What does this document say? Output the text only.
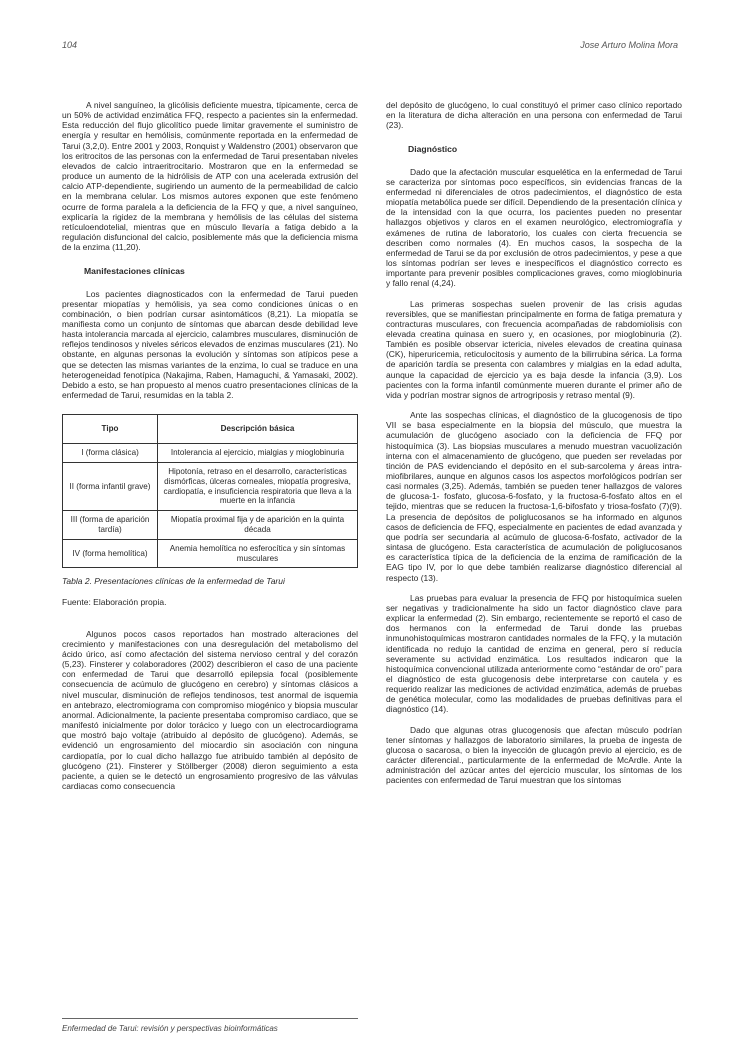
104	Jose Arturo Molina Mora

A nivel sanguíneo, la glicólisis deficiente muestra, típicamente, cerca de un 50% de actividad enzimática FFQ, respecto a pacientes sin la enfermedad. Esta reducción del flujo glicolítico puede limitar gravemente el suministro de energía y resultar en hemólisis, comúnmente reportada en la enfermedad de Tarui (3,2,0). Entre 2001 y 2003, Ronquist y Waldenstro (2001) observaron que los eritrocitos de las personas con la enfermedad de Tarui presentaban niveles elevados de calcio intraeritrocitario. Mostraron que en la enfermedad se produce un aumento de la hidrólisis de ATP con una acelerada extrusión del calcio ATP-dependiente, sugiriendo un aumento de la permeabilidad de calcio en la membrana celular. Los mismos autores exponen que este fenómeno ocurre de forma paralela a la deficiencia de la FFQ y que, a nivel sanguíneo, explicaría la rigidez de la membrana y hemólisis de las células del sistema retículoendotelial, mientras que en músculo llevaría a fatiga debido a la regulación disfuncional del calcio, posiblemente más que la deficiencia misma de la enzima (11,20).

Manifestaciones clínicas

Los pacientes diagnosticados con la enfermedad de Tarui pueden presentar miopatías y hemólisis, ya sea como condiciones únicas o en combinación, o bien podrían cursar asintomáticos (8,21). La miopatía se manifiesta como un conjunto de síntomas que abarcan desde debilidad leve hasta intolerancia marcada al ejercicio, calambres musculares, disminución de reflejos tendinosos y niveles séricos elevados de enzimas musculares (21). No obstante, en algunas personas la evolución y síntomas son atípicos pese a que se detecten las mismas variantes de la enzima, lo cual se traduce en una heterogeneidad fenotípica (Nakajima, Raben, Hamaguchi, & Yamasaki, 2002). Debido a esto, se han propuesto al menos cuatro presentaciones clínicas de la enfermedad de Tarui, resumidas en la tabla 2.

Tipo	Descripción básica
I (forma clásica)	Intolerancia al ejercicio, mialgias y mioglobinuria
II (forma infantil grave)	Hipotonía, retraso en el desarrollo, características dismórficas, úlceras corneales, miopatía progresiva, cardiopatía, e insuficiencia respiratoria que lleva a la muerte en la infancia
III (forma de aparición tardía)	Miopatía proximal fija y de aparición en la quinta década
IV (forma hemolítica)	Anemia hemolítica no esferocítica y sin síntomas musculares
Tabla 2. Presentaciones clínicas de la enfermedad de Tarui
Fuente: Elaboración propia.

Algunos pocos casos reportados han mostrado alteraciones del crecimiento y manifestaciones con una desregulación del metabolismo del ácido úrico, así como afectación del sistema nervioso central y del corazón (5,23). Finsterer y colaboradores (2002) describieron el caso de una paciente con enfermedad de Tarui que desarrolló epilepsia focal (posiblemente consecuencia de acúmulo de glucógeno en cerebro) y síntomas clásicos a nivel muscular, disminución de reflejos tendinosos, test anormal de isquemia en antebrazo, electromiograma con compromiso miogénico y biopsia muscular anormal. Adicionalmente, la paciente presentaba compromiso cardiaco, que se manifestó inicialmente por dolor torácico y luego con un electrocardiograma que mostró bajo voltaje (atribuido al depósito de glucógeno). Además, se evidenció un engrosamiento del miocardio sin asociación con ninguna cardiopatía, por lo cual dicho hallazgo fue atribuido también al depósito de glucógeno (21). Finsterer y Stöllberger (2008) dieron seguimiento a esta paciente, a quien se le detectó un engrosamiento progresivo de las válvulas cardiacas como consecuencia

del depósito de glucógeno, lo cual constituyó el primer caso clínico reportado en la literatura de dicha alteración en una persona con enfermedad de Tarui (23).

Diagnóstico

Dado que la afectación muscular esquelética en la enfermedad de Tarui se caracteriza por síntomas poco específicos, sin evidencias francas de la enfermedad ni diferenciales de otros padecimientos, el diagnóstico de esta miopatía metabólica puede ser difícil. Dependiendo de la presentación clínica y de la intensidad con la que ocurra, los pacientes pueden no presentar hallazgos objetivos y claros en el examen neurológico, electromiografía y exámenes de rutina de laboratorio, los cuales con cierta frecuencia se describen como normales (4). En muchos casos, la sospecha de la enfermedad de Tarui se da por exclusión de otros padecimientos, y pese a que los síntomas podrían ser leves e inespecíficos el diagnóstico correcto es importante para prevenir posibles complicaciones graves, como mioglobinuria y fallo renal (4,24).

Las primeras sospechas suelen provenir de las crisis agudas reversibles, que se manifiestan principalmente en forma de fatiga prematura y contracturas musculares, con frecuencia acompañadas de rabdomiolisis con elevada creatina quinasa en suero y, en ocasiones, por mioglobinuria (2). También es posible observar ictericia, niveles elevados de creatina quinasa (CK), hiperuricemia, reticulocitosis y aumento de la bilirrubina sérica. La forma de aparición tardía se presenta con calambres y mialgias en la edad adulta, aunque la capacidad de ejercicio ya es baja desde la infancia (3,9). Los pacientes con la forma infantil comúnmente mueren durante el primer año de vida y podrían mostrar signos de artrogriposis y retraso mental (9).

Ante las sospechas clínicas, el diagnóstico de la glucogenosis de tipo VII se basa especialmente en la biopsia del músculo, que muestra la acumulación de glucógeno asociado con la deficiencia de FFQ por histoquímica (3). Las biopsias musculares a menudo muestran vacuolización interna con el almacenamiento de glucógeno, que pueden ser reveladas por tinción de PAS evidenciando el depósito en el sub-sarcolema y áreas intra-miofibrilares, aunque en algunos casos los aspectos morfológicos podrían ser casi normales (3,25). Además, también se pueden tener hallazgos de valores de glucosa-1- fosfato, glucosa-6-fosfato, y la fructosa-6-fosfato altos en el tejido, mientras que se reducen la fructosa-1,6-bifosfato y triosa-fosfato (7)(9). La presencia de depósitos de poliglucosanos se ha informado en algunos casos de deficiencia de FFQ, especialmente en pacientes de edad avanzada y que podría ser secundaria al acúmulo de glucosa-6-fosfato, activador de la sintasa de glucógeno. Esta característica de acumulación de poliglucosanos es característica típica de la deficiencia de la enzima de ramificación de la EAG tipo IV, por lo que debe también realizarse diagnóstico diferencial al respecto (13).

Las pruebas para evaluar la presencia de FFQ por histoquímica suelen ser negativas y tradicionalmente ha sido un factor diagnóstico clave para explicar la enfermedad (2). Sin embargo, recientemente se reportó el caso de dos hermanos con la enfermedad de Tarui donde las pruebas inmunohistoquímicas mostraron cantidades normales de la FFQ, y la mutación identificada no redujo la cantidad de enzima en general, pero sí reducía severamente su actividad enzimática. Los resultados indicaron que la histoquímica convencional utilizada anteriormente como “estándar de oro” para el diagnóstico de esta glucogenosis debe interpretarse con cautela y es requerido realizar las mediciones de actividad enzimática, además de pruebas de genética molecular, como las modalidades de pruebas definitivas para el diagnóstico (14).

Dado que algunas otras glucogenosis que afectan músculo podrían tener síntomas y hallazgos de laboratorio similares, la prueba de ingesta de glucosa o sacarosa, o bien la inyección de glucagón previo al ejercicio, es de carácter diferencial., particularmente de la enfermedad de McArdle. Ante la administración del azúcar antes del ejercicio muscular, los síntomas de los pacientes con enfermedad de Tarui muestran que los síntomas

Enfermedad de Tarui: revisión y perspectivas bioinformáticas
